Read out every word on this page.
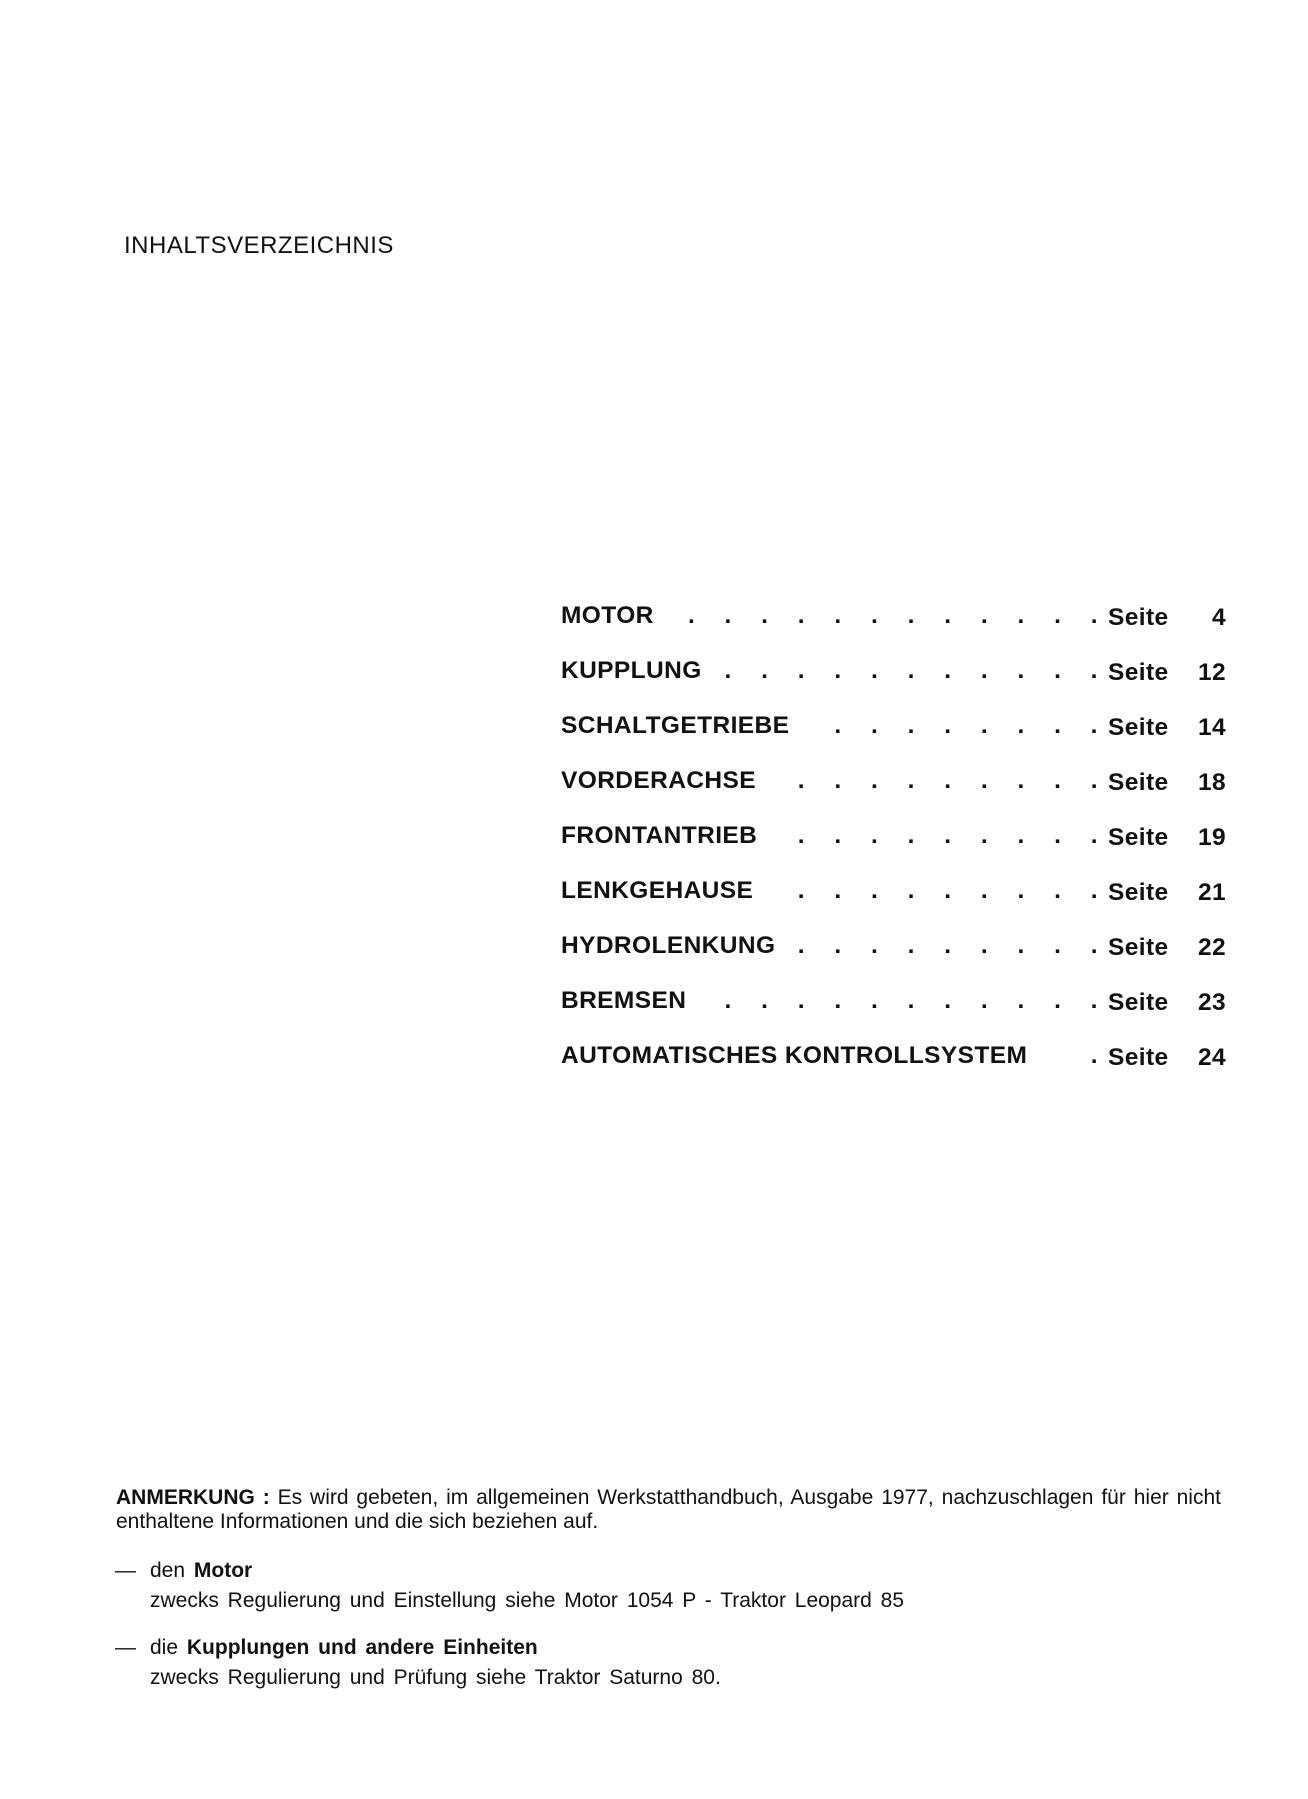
INHALTSVERZEICHNIS
MOTOR . . . . . . . . . . . . Seite	4
KUPPLUNG . . . . . . . . . . . Seite	12
SCHALTGETRIEBE . . . . . . . . Seite	14
VORDERACHSE . . . . . . . . . Seite	18
FRONTANTRIEB . . . . . . . . . Seite	19
LENKGEHAUSE . . . . . . . . . Seite	21
HYDROLENKUNG . . . . . . . . . Seite	22
BREMSEN . . . . . . . . . . . Seite	23
AUTOMATISCHES KONTROLLSYSTEM	. Seite	24
ANMERKUNG : Es wird gebeten, im allgemeinen Werkstatthandbuch, Ausgabe 1977, nachzuschlagen für hier nicht enthaltene Informationen und die sich beziehen auf.
— den Motor
zwecks Regulierung und Einstellung siehe Motor 1054 P - Traktor Leopard 85
— die Kupplungen und andere Einheiten
zwecks Regulierung und Prüfung siehe Traktor Saturno 80.
